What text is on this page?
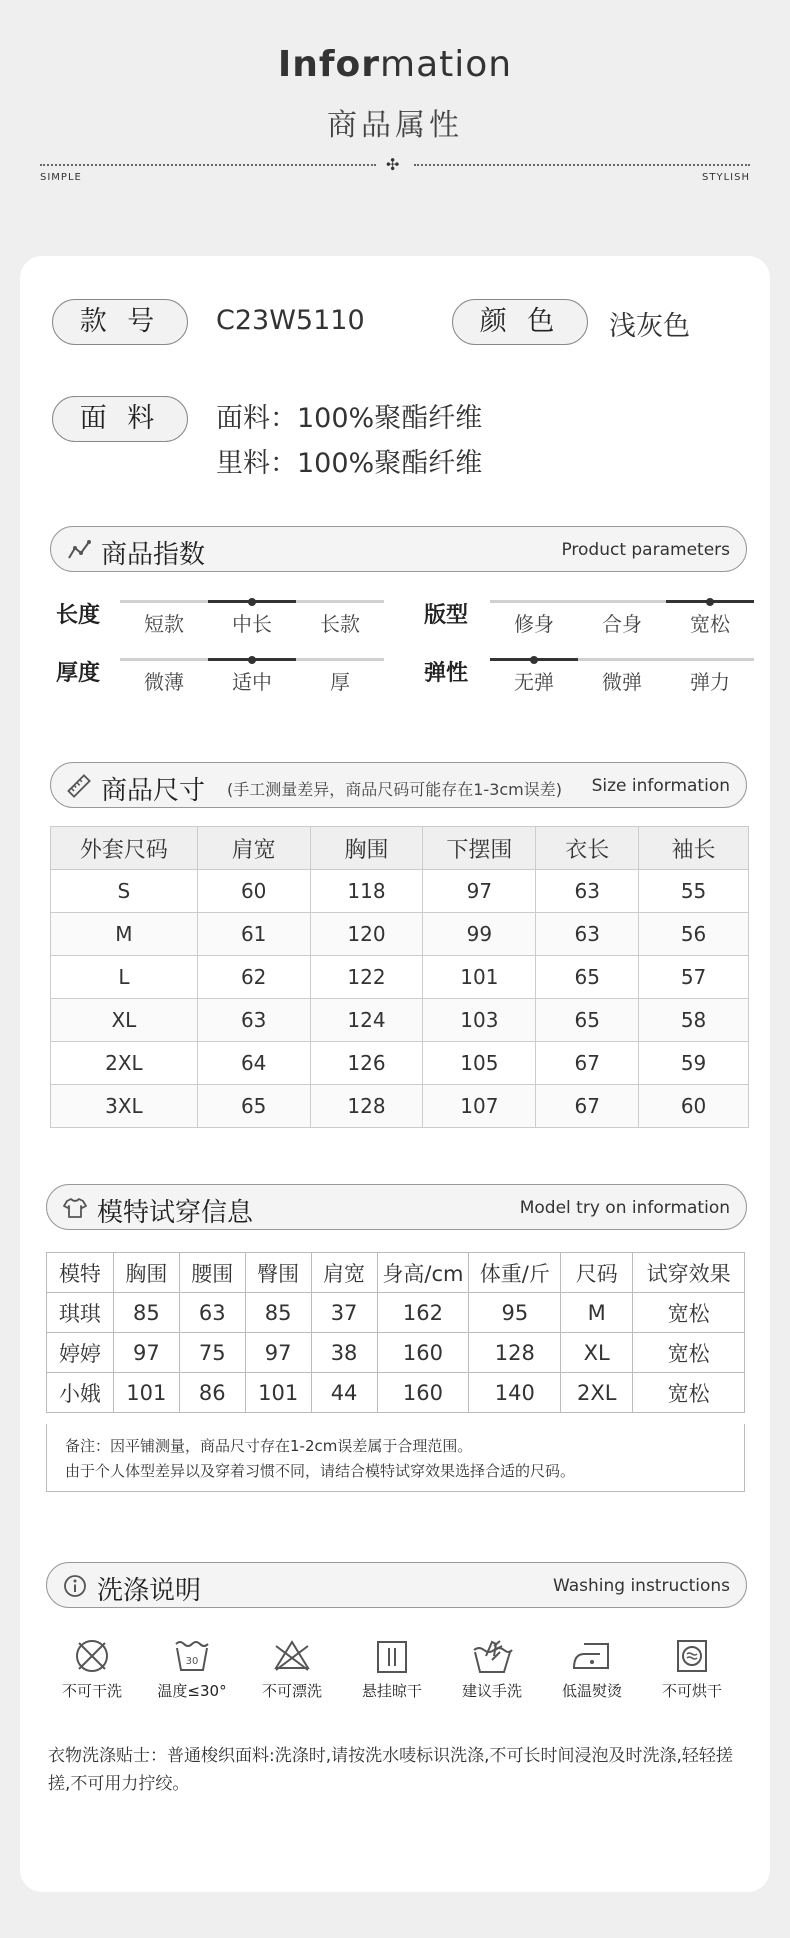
Information
商品属性
✣
SIMPLE	STYLISH
款 号	C23W5110	颜 色	浅灰色
面 料	面料：100%聚酯纤维
里料：100%聚酯纤维
商品指数	Product parameters
长度	短款	中长	长款	版型	修身	合身	宽松
厚度	微薄	适中	厚	弹性	无弹	微弹	弹力
商品尺寸 (手工测量差异，商品尺码可能存在1-3cm误差) Size information
外套尺码	肩宽	胸围	下摆围	衣长	袖长
S	60	118	97	63	55
M	61	120	99	63	56
L	62	122	101	65	57
XL	63	124	103	65	58
2XL	64	126	105	67	59
3XL	65	128	107	67	60
模特试穿信息	Model try on information
模特	胸围	腰围	臀围	肩宽	身高/cm	体重/斤	尺码	试穿效果
琪琪	85	63	85	37	162	95	M	宽松
婷婷	97	75	97	38	160	128	XL	宽松
小娥	101	86	101	44	160	140	2XL	宽松
备注：因平铺测量，商品尺寸存在1-2cm误差属于合理范围。
由于个人体型差异以及穿着习惯不同，请结合模特试穿效果选择合适的尺码。
洗涤说明	Washing instructions
不可干洗
30
温度≤30°	不可漂洗	悬挂晾干	建议手洗	低温熨烫	不可烘干
衣物洗涤贴士：普通梭织面料:洗涤时,请按洗水唛标识洗涤,不可长时间浸泡及时洗涤,轻轻搓搓,不可用力拧绞。
